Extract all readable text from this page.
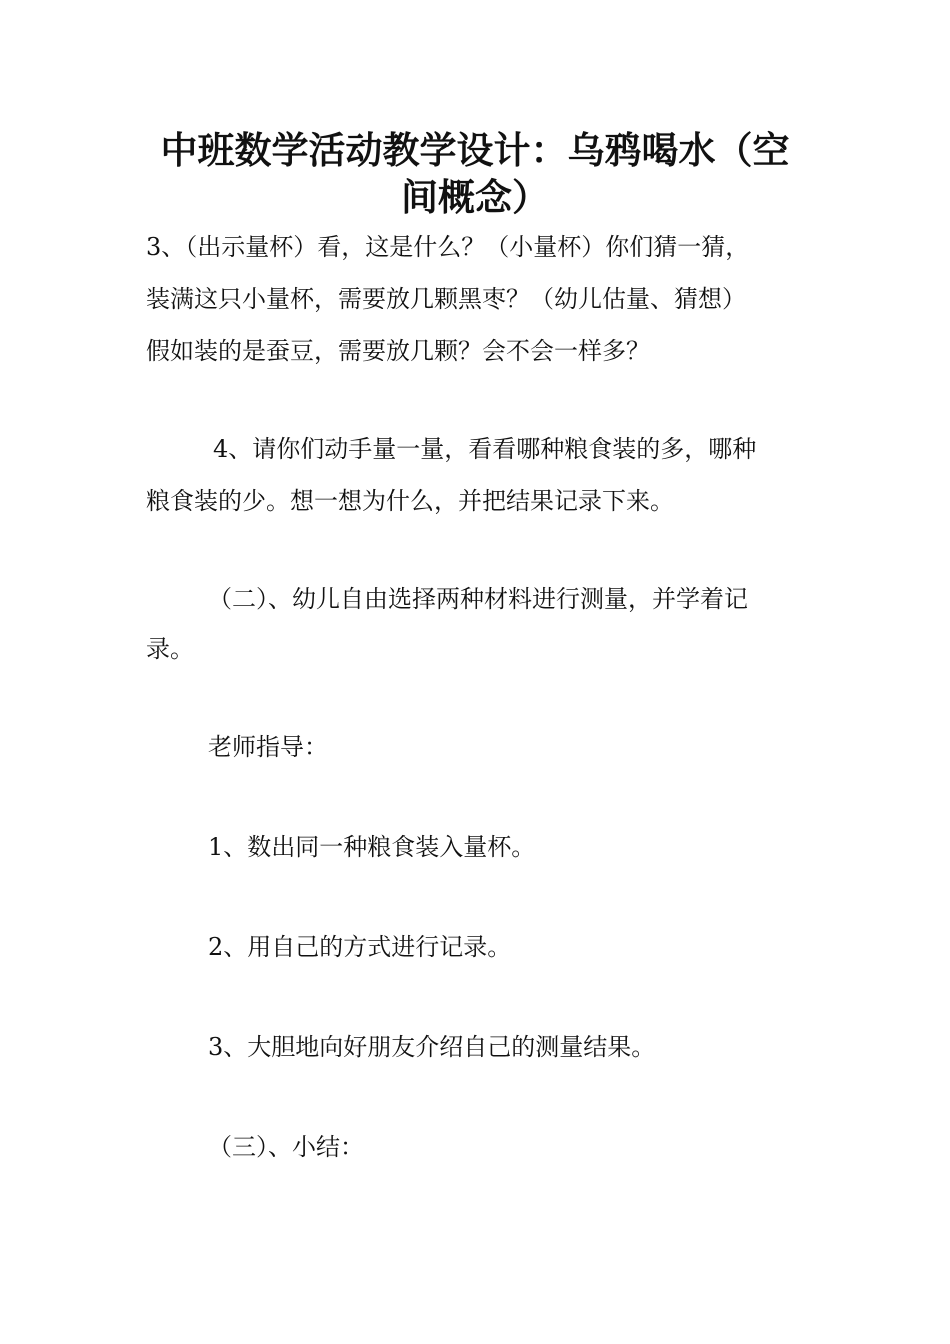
中班数学活动教学设计：乌鸦喝水（空
间概念）

3、（出示量杯）看，这是什么？（小量杯）你们猜一猜，

装满这只小量杯，需要放几颗黑枣？（幼儿估量、猜想）

假如装的是蚕豆，需要放几颗？会不会一样多？

4、请你们动手量一量，看看哪种粮食装的多，哪种

粮食装的少。想一想为什么，并把结果记录下来。

（二）、幼儿自由选择两种材料进行测量，并学着记

录。

老师指导：

1、数出同一种粮食装入量杯。

2、用自己的方式进行记录。

3、大胆地向好朋友介绍自己的测量结果。

（三）、小结：
